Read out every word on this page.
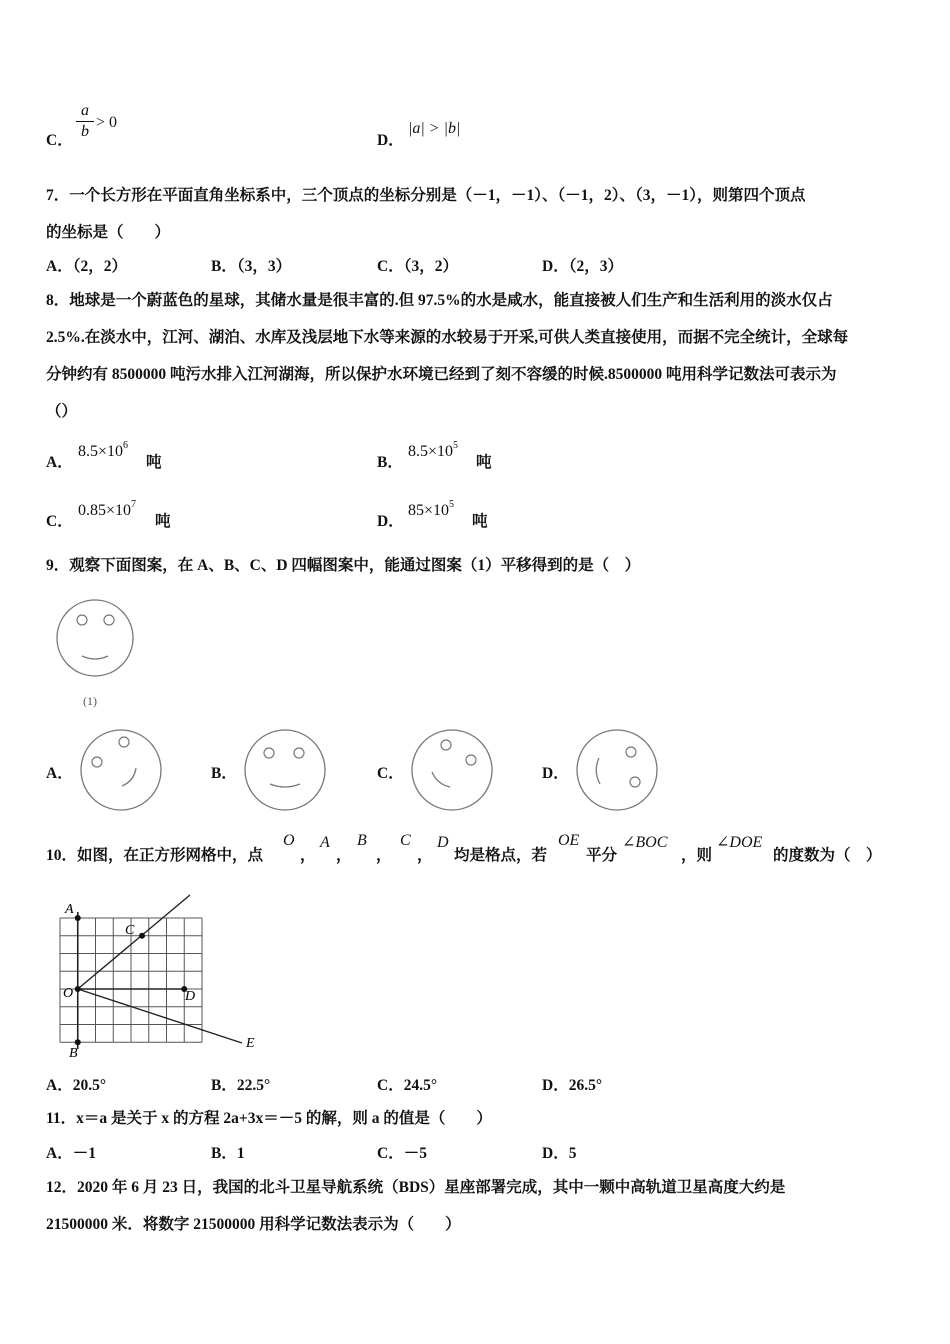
C．
a
b
> 0
D．
|a| > |b|
7．一个长方形在平面直角坐标系中，三个顶点的坐标分别是（－1，－1）、（－1，2）、（3，－1），则第四个顶点
的坐标是（　　）
A．（2，2）	B．（3，3）	C．（3，2）	D．（2，3）
8．地球是一个蔚蓝色的星球，其储水量是很丰富的.但 97.5%的水是咸水，能直接被人们生产和生活利用的淡水仅占
2.5%.在淡水中，江河、湖泊、水库及浅层地下水等来源的水较易于开采,可供人类直接使用，而据不完全统计，全球每
分钟约有 8500000 吨污水排入江河湖海，所以保护水环境已经到了刻不容缓的时候.8500000 吨用科学记数法可表示为
（）
A．
$8.5\times 10^6$
吨	B．
$8.5\times 10^5$
吨
C．
$0.85\times 10^7$
吨	D．
$85\times 10^5$
吨
9．观察下面图案，在 A、B、C、D 四幅图案中，能通过图案（1）平移得到的是（　）
(1)
A．	B．	C．	D．
10．如图，在正方形网格中，点
O
，
A
，
B
，
C
，
D
均是格点，若
OE
平分
∠BOC
，则
∠DOE
的度数为（　）
A
C
O	D
B
E
A．20.5°	B．22.5°	C．24.5°	D．26.5°
11．x＝a 是关于 x 的方程 2a+3x＝－5 的解，则 a 的值是（　　）
A．－1	B．1	C．－5	D．5
12．2020 年 6 月 23 日，我国的北斗卫星导航系统（BDS）星座部署完成，其中一颗中高轨道卫星高度大约是
21500000 米．将数字 21500000 用科学记数法表示为（　　）
